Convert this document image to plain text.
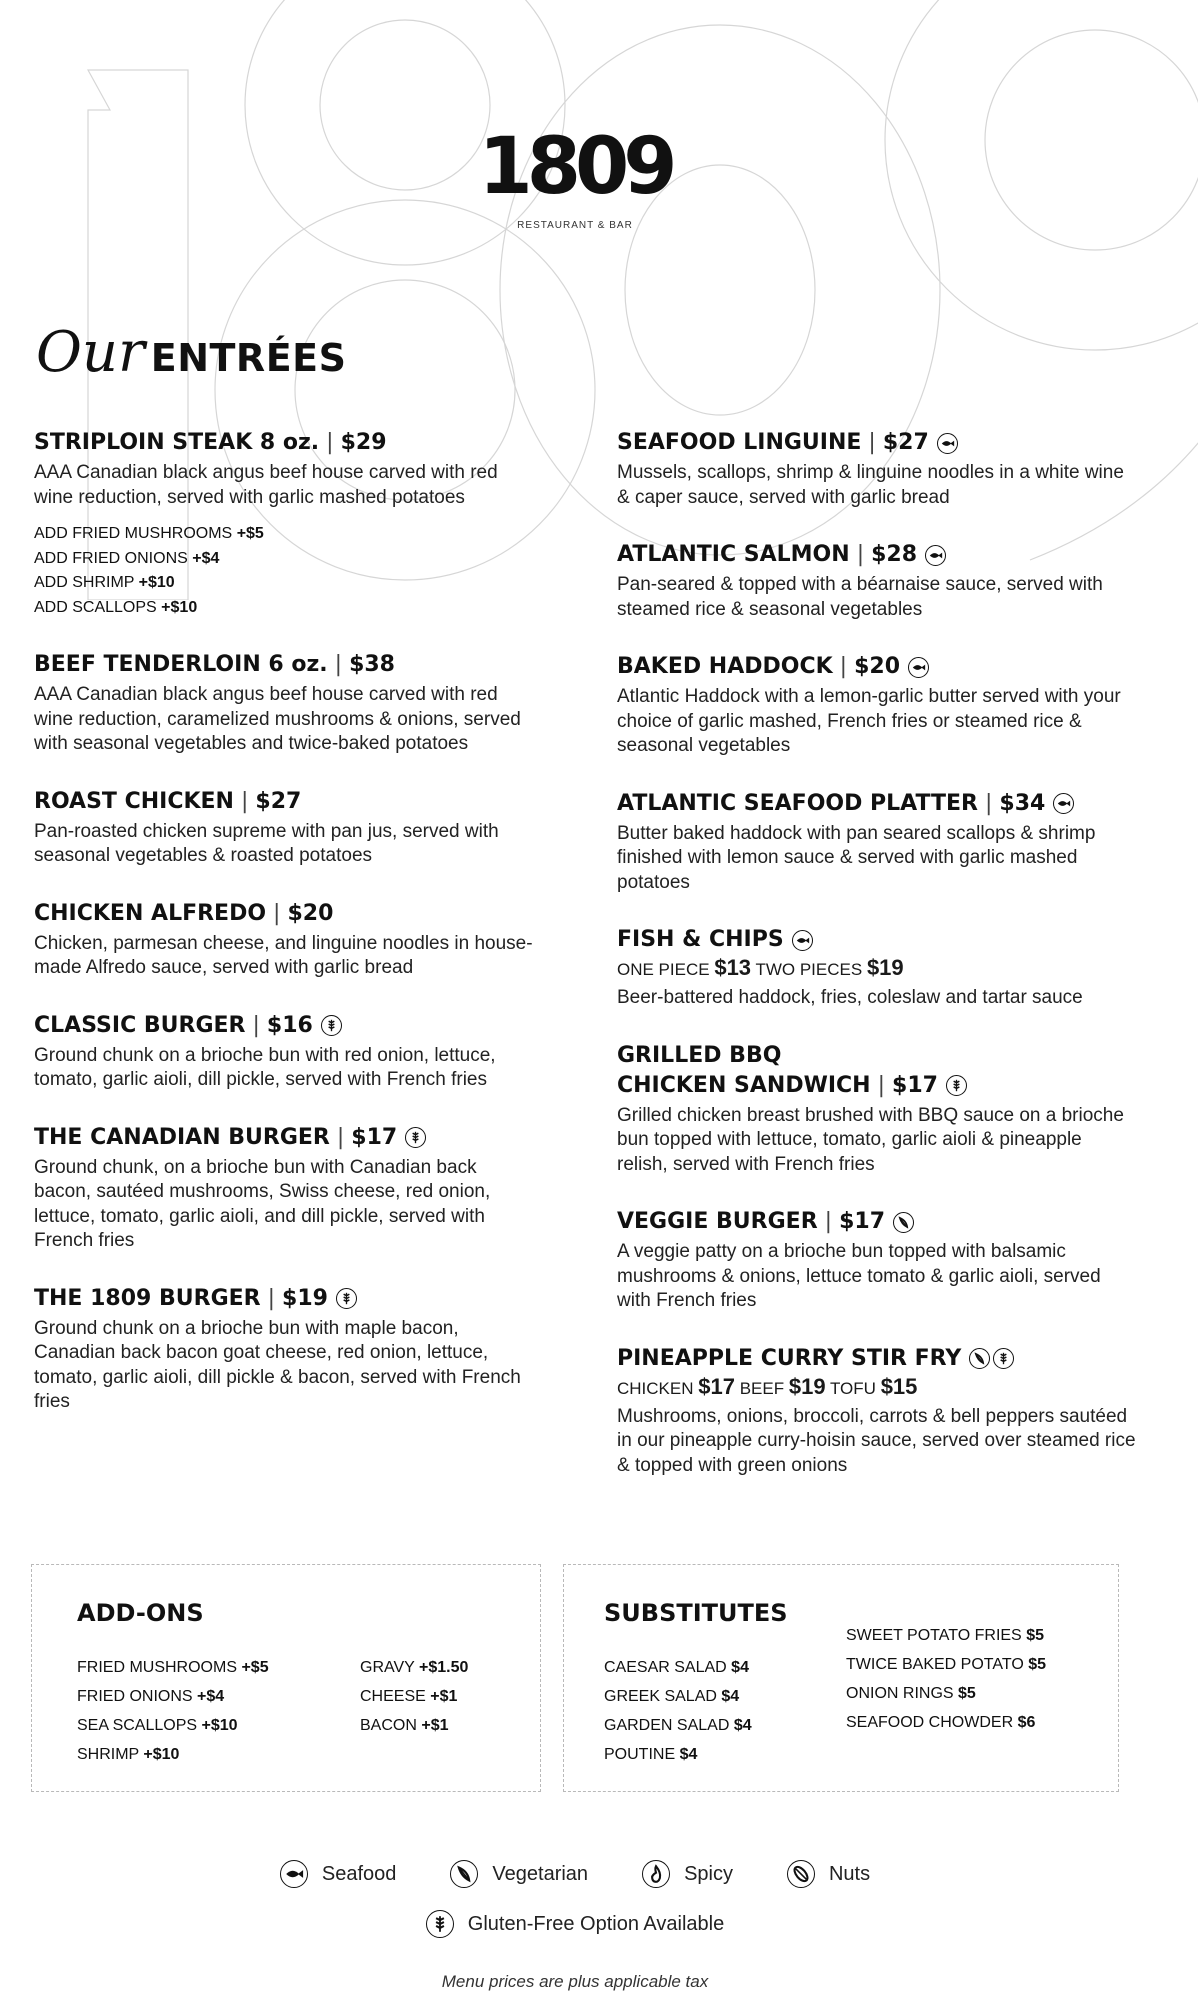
1809
RESTAURANT & BAR
Our ENTRÉES
STRIPLOIN STEAK 8 oz. | $29
AAA Canadian black angus beef house carved with red wine reduction, served with garlic mashed potatoes
ADD FRIED MUSHROOMS +$5
ADD FRIED ONIONS +$4
ADD SHRIMP +$10
ADD SCALLOPS +$10
BEEF TENDERLOIN 6 oz. | $38
AAA Canadian black angus beef house carved with red wine reduction, caramelized mushrooms & onions, served with seasonal vegetables and twice-baked potatoes
ROAST CHICKEN | $27
Pan-roasted chicken supreme with pan jus, served with seasonal vegetables & roasted potatoes
CHICKEN ALFREDO | $20
Chicken, parmesan cheese, and linguine noodles in house-made Alfredo sauce, served with garlic bread
CLASSIC BURGER | $16
Ground chunk on a brioche bun with red onion, lettuce, tomato, garlic aioli, dill pickle, served with French fries
THE CANADIAN BURGER | $17
Ground chunk, on a brioche bun with Canadian back bacon, sautéed mushrooms, Swiss cheese, red onion, lettuce, tomato, garlic aioli, and dill pickle, served with French fries
THE 1809 BURGER | $19
Ground chunk on a brioche bun with maple bacon, Canadian back bacon goat cheese, red onion, lettuce, tomato, garlic aioli, dill pickle & bacon, served with French fries
SEAFOOD LINGUINE | $27
Mussels, scallops, shrimp & linguine noodles in a white wine & caper sauce, served with garlic bread
ATLANTIC SALMON | $28
Pan-seared & topped with a béarnaise sauce, served with steamed rice & seasonal vegetables
BAKED HADDOCK | $20
Atlantic Haddock with a lemon-garlic butter served with your choice of garlic mashed, French fries or steamed rice & seasonal vegetables
ATLANTIC SEAFOOD PLATTER | $34
Butter baked haddock with pan seared scallops & shrimp finished with lemon sauce & served with garlic mashed potatoes
FISH & CHIPS
ONE PIECE $13 TWO PIECES $19
Beer-battered haddock, fries, coleslaw and tartar sauce
GRILLED BBQ
CHICKEN SANDWICH | $17
Grilled chicken breast brushed with BBQ sauce on a brioche bun topped with lettuce, tomato, garlic aioli & pineapple relish, served with French fries
VEGGIE BURGER | $17
A veggie patty on a brioche bun topped with balsamic mushrooms & onions, lettuce tomato & garlic aioli, served with French fries
PINEAPPLE CURRY STIR FRY
CHICKEN $17 BEEF $19 TOFU $15
Mushrooms, onions, broccoli, carrots & bell peppers sautéed in our pineapple curry-hoisin sauce, served over steamed rice & topped with green onions
ADD-ONS
FRIED MUSHROOMS +$5
FRIED ONIONS +$4
SEA SCALLOPS +$10
SHRIMP +$10
GRAVY +$1.50
CHEESE +$1
BACON +$1
SUBSTITUTES
CAESAR SALAD $4
GREEK SALAD $4
GARDEN SALAD $4
POUTINE $4
SWEET POTATO FRIES $5
TWICE BAKED POTATO $5
ONION RINGS $5
SEAFOOD CHOWDER $6
Seafood	Vegetarian	Spicy	Nuts
Gluten-Free Option Available
Menu prices are plus applicable tax
